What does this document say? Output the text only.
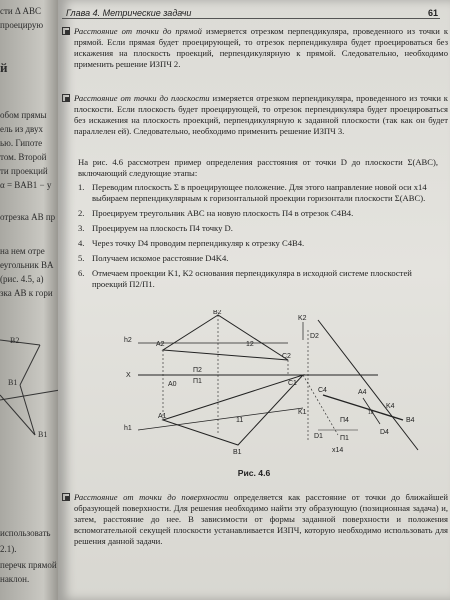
сти Δ ABC
проецирую
й
обом прямы
ель из двух
ью. Гипоте
том. Второй
ти проекций
α = BAB1 − y
отрезка AB пр
на нем отре
еугольник BA
(рис. 4.5, а)
зка AB к гори
B2
B1
B1
использовать
2.1).
перечк прямой
наклон.
Глава 4. Метрические задачи	61
Расстояние от точки до прямой измеряется отрезком перпендикуляра, проведенного из точки к прямой. Если прямая будет проецирующей, то отрезок перпендикуляра будет проецироваться без искажения на плоскость проекций, перпендикулярную к прямой. Следовательно, необходимо применить решение ИЗПЧ 2.
Расстояние от точки до плоскости измеряется отрезком перпендикуляра, проведенного из точки к плоскости. Если плоскость будет проецирующей, то отрезок перпендикуляра будет проецироваться без искажения на плоскость проекций, перпендикулярную к заданной плоскости (так как он будет параллелен ей). Следовательно, необходимо применить решение ИЗПЧ 3.
На рис. 4.6 рассмотрен пример определения расстояния от точки D до плоскости Σ(ABC), включающий следующие этапы:
1. Переводим плоскость Σ в проецирующее положение. Для этого направление новой оси x14 выбираем перпендикулярным к горизонтальной проекции горизонтали плоскости Σ(ABC).
2. Проецируем треугольник ABC на новую плоскость П4 в отрезок C4B4.
3. Проецируем на плоскость П4 точку D.
4. Через точку D4 проводим перпендикуляр к отрезку C4B4.
5. Получаем искомое расстояние D4K4.
6. Отмечаем проекции K1, K2 основания перпендикуляра в исходной системе плоскостей проекций П2/П1.
B2
K2
D2
A2
h2
12
C2
X
П2
П1
A0	C1
C4	A4
K4
B4
D4
A1
h1
11
K1
D1
B1
П4
П1
x14
1а
Рис. 4.6
Расстояние от точки до поверхности определяется как расстояние от точки до ближайшей образующей поверхности. Для решения необходимо найти эту образующую (позиционная задача) и, затем, расстояние до нее. В зависимости от формы заданной поверхности и положения вспомогательной секущей плоскости устанавливается ИЗПЧ, которую необходимо использовать для решения данной задачи.
